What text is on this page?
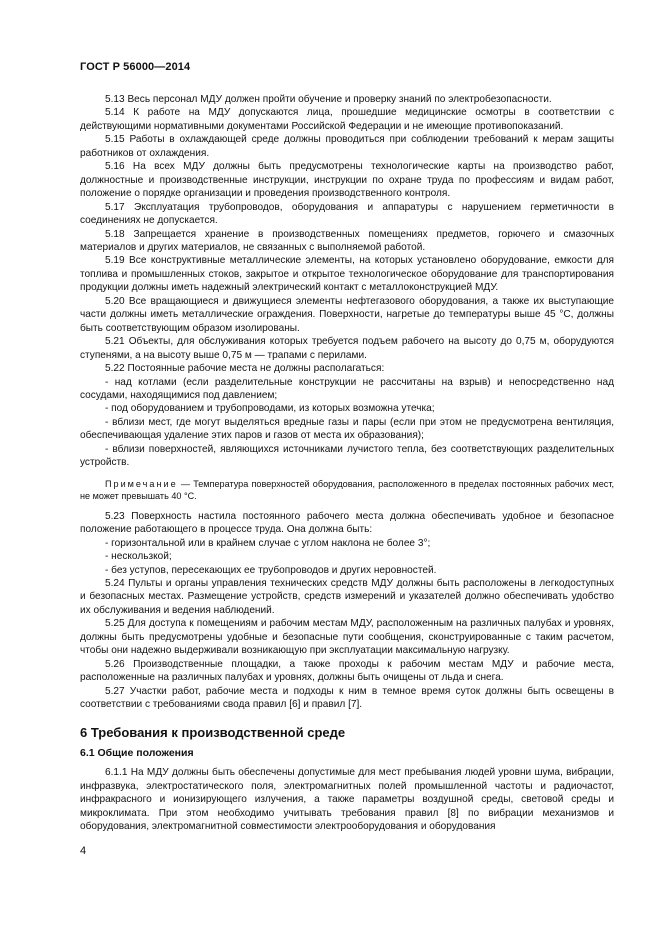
ГОСТ Р 56000—2014

5.13 Весь персонал МДУ должен пройти обучение и проверку знаний по электробезопасности.

5.14 К работе на МДУ допускаются лица, прошедшие медицинские осмотры в соответствии с действующими нормативными документами Российской Федерации и не имеющие противопоказаний.

5.15 Работы в охлаждающей среде должны проводиться при соблюдении требований к мерам защиты работников от охлаждения.

5.16 На всех МДУ должны быть предусмотрены технологические карты на производство работ, должностные и производственные инструкции, инструкции по охране труда по профессиям и видам работ, положение о порядке организации и проведения производственного контроля.

5.17 Эксплуатация трубопроводов, оборудования и аппаратуры с нарушением герметичности в соединениях не допускается.

5.18 Запрещается хранение в производственных помещениях предметов, горючего и смазочных материалов и других материалов, не связанных с выполняемой работой.

5.19 Все конструктивные металлические элементы, на которых установлено оборудование, емкости для топлива и промышленных стоков, закрытое и открытое технологическое оборудование для транспортирования продукции должны иметь надежный электрический контакт с металлоконструкцией МДУ.

5.20 Все вращающиеся и движущиеся элементы нефтегазового оборудования, а также их выступающие части должны иметь металлические ограждения. Поверхности, нагретые до температуры выше 45 °С, должны быть соответствующим образом изолированы.

5.21 Объекты, для обслуживания которых требуется подъем рабочего на высоту до 0,75 м, оборудуются ступенями, а на высоту выше 0,75 м — трапами с перилами.

5.22 Постоянные рабочие места не должны располагаться:

- над котлами (если разделительные конструкции не рассчитаны на взрыв) и непосредственно над сосудами, находящимися под давлением;

- под оборудованием и трубопроводами, из которых возможна утечка;

- вблизи мест, где могут выделяться вредные газы и пары (если при этом не предусмотрена вентиляция, обеспечивающая удаление этих паров и газов от места их образования);

- вблизи поверхностей, являющихся источниками лучистого тепла, без соответствующих разделительных устройств.

Примечание — Температура поверхностей оборудования, расположенного в пределах постоянных рабочих мест, не может превышать 40 °С.

5.23 Поверхность настила постоянного рабочего места должна обеспечивать удобное и безопасное положение работающего в процессе труда. Она должна быть:

- горизонтальной или в крайнем случае с углом наклона не более 3°;

- нескользкой;

- без уступов, пересекающих ее трубопроводов и других неровностей.

5.24 Пульты и органы управления технических средств МДУ должны быть расположены в легкодоступных и безопасных местах. Размещение устройств, средств измерений и указателей должно обеспечивать удобство их обслуживания и ведения наблюдений.

5.25 Для доступа к помещениям и рабочим местам МДУ, расположенным на различных палубах и уровнях, должны быть предусмотрены удобные и безопасные пути сообщения, сконструированные с таким расчетом, чтобы они надежно выдерживали возникающую при эксплуатации максимальную нагрузку.

5.26 Производственные площадки, а также проходы к рабочим местам МДУ и рабочие места, расположенные на различных палубах и уровнях, должны быть очищены от льда и снега.

5.27 Участки работ, рабочие места и подходы к ним в темное время суток должны быть освещены в соответствии с требованиями свода правил [6] и правил [7].

6 Требования к производственной среде
6.1 Общие положения

6.1.1 На МДУ должны быть обеспечены допустимые для мест пребывания людей уровни шума, вибрации, инфразвука, электростатического поля, электромагнитных полей промышленной частоты и радиочастот, инфракрасного и ионизирующего излучения, а также параметры воздушной среды, световой среды и микроклимата. При этом необходимо учитывать требования правил [8] по вибрации механизмов и оборудования, электромагнитной совместимости электрооборудования и оборудования

4
